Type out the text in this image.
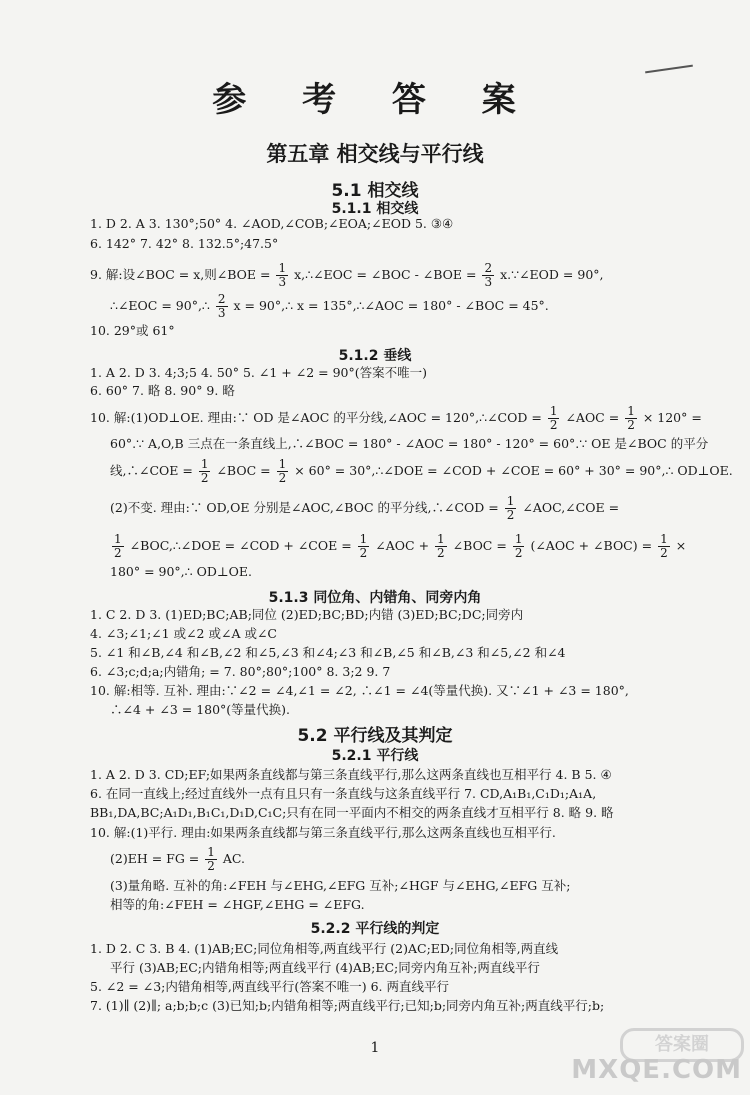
参 考 答 案
第五章 相交线与平行线
5.1 相交线
5.1.1 相交线
1. D 2. A 3. 130°;50° 4. ∠AOD,∠COB;∠EOA;∠EOD 5. ③④
6. 142° 7. 42° 8. 132.5°;47.5°
9. 解:设∠BOC = x,则∠BOE = $\frac{1}{3}$ x,∴∠EOC = ∠BOC - ∠BOE = $\frac{2}{3}$ x.∵∠EOD = 90°,
∴∠EOC = 90°,∴ $\frac{2}{3}$ x = 90°,∴ x = 135°,∴∠AOC = 180° - ∠BOC = 45°.
10. 29°或 61°
5.1.2 垂线
1. A 2. D 3. 4;3;5 4. 50° 5. ∠1 + ∠2 = 90°(答案不唯一)
6. 60° 7. 略 8. 90° 9. 略
10. 解:(1)OD⊥OE. 理由:∵ OD 是∠AOC 的平分线,∠AOC = 120°,∴∠COD = $\frac{1}{2}$ ∠AOC = $\frac{1}{2} \times 120^\circ$ =
60°.∵ A,O,B 三点在一条直线上,∴∠BOC = 180° - ∠AOC = 180° - 120° = 60°.∵ OE 是∠BOC 的平分
线,∴∠COE = $\frac{1}{2}$ ∠BOC = $\frac{1}{2} \times 60^\circ$ = 30°,∴∠DOE = ∠COD + ∠COE = 60° + 30° = 90°,∴ OD⊥OE.
(2)不变. 理由:∵ OD,OE 分别是∠AOC,∠BOC 的平分线,∴∠COD = $\frac{1}{2}$ ∠AOC,∠COE =
$\frac{1}{2}$ ∠BOC,∴∠DOE = ∠COD + ∠COE = $\frac{1}{2}$ ∠AOC + $\frac{1}{2}$ ∠BOC = $\frac{1}{2}$ (∠AOC + ∠BOC) = $\frac{1}{2}$ ×
180° = 90°,∴ OD⊥OE.
5.1.3 同位角、内错角、同旁内角
1. C 2. D 3. (1)ED;BC;AB;同位 (2)ED;BC;BD;内错 (3)ED;BC;DC;同旁内
4. ∠3;∠1;∠1 或∠2 或∠A 或∠C
5. ∠1 和∠B,∠4 和∠B,∠2 和∠5,∠3 和∠4;∠3 和∠B,∠5 和∠B,∠3 和∠5,∠2 和∠4
6. ∠3;c;d;a;内错角; = 7. 80°;80°;100° 8. 3;2 9. 7
10. 解:相等. 互补. 理由:∵∠2 = ∠4,∠1 = ∠2, ∴∠1 = ∠4(等量代换). 又∵∠1 + ∠3 = 180°,
∴∠4 + ∠3 = 180°(等量代换).
5.2 平行线及其判定
5.2.1 平行线
1. A 2. D 3. CD;EF;如果两条直线都与第三条直线平行,那么这两条直线也互相平行 4. B 5. ④
6. 在同一直线上;经过直线外一点有且只有一条直线与这条直线平行 7. CD,A₁B₁,C₁D₁;A₁A,
BB₁,DA,BC;A₁D₁,B₁C₁,D₁D,C₁C;只有在同一平面内不相交的两条直线才互相平行 8. 略 9. 略
10. 解:(1)平行. 理由:如果两条直线都与第三条直线平行,那么这两条直线也互相平行.
(2)EH = FG = $\frac{1}{2}$ AC.
(3)量角略. 互补的角:∠FEH 与∠EHG,∠EFG 互补;∠HGF 与∠EHG,∠EFG 互补;
相等的角:∠FEH = ∠HGF,∠EHG = ∠EFG.
5.2.2 平行线的判定
1. D 2. C 3. B 4. (1)AB;EC;同位角相等,两直线平行 (2)AC;ED;同位角相等,两直线
平行 (3)AB;EC;内错角相等;两直线平行 (4)AB;EC;同旁内角互补;两直线平行
5. ∠2 = ∠3;内错角相等,两直线平行(答案不唯一) 6. 两直线平行
7. (1)∥ (2)∥; a;b;b;c (3)已知;b;内错角相等;两直线平行;已知;b;同旁内角互补;两直线平行;b;
1	答案圈
MXQE.COM
